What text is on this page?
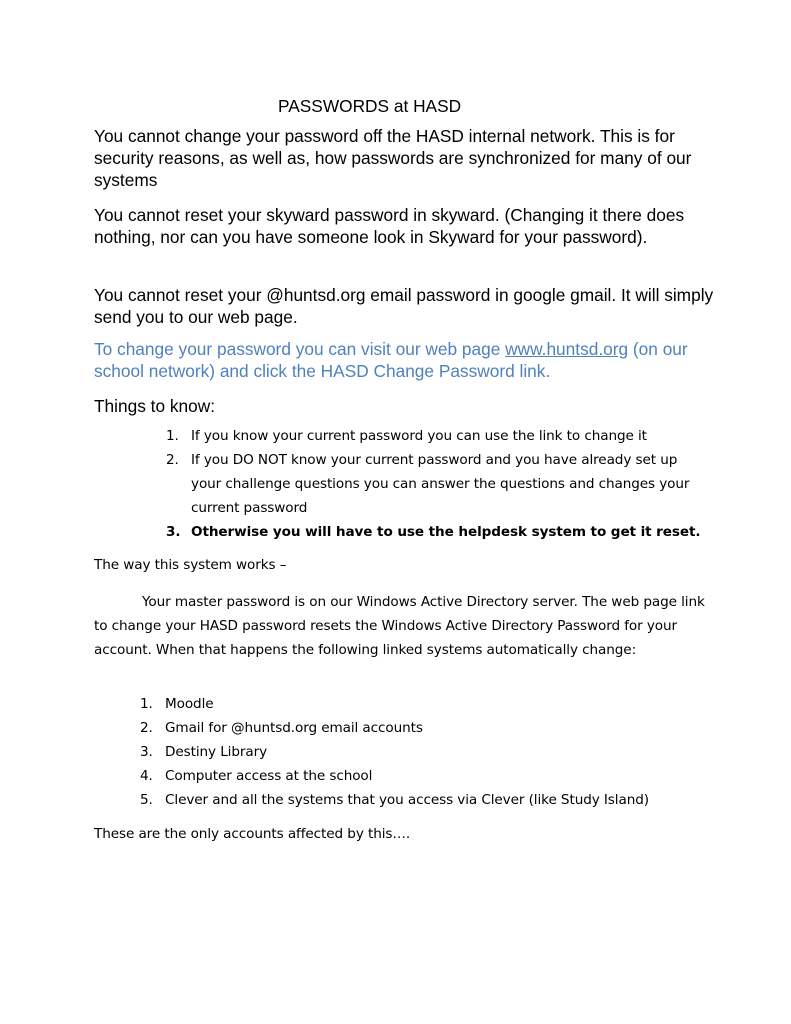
PASSWORDS at HASD

You cannot change your password off the HASD internal network. This is for security reasons, as well as, how passwords are synchronized for many of our systems

You cannot reset your skyward password in skyward. (Changing it there does nothing, nor can you have someone look in Skyward for your password).

You cannot reset your @huntsd.org email password in google gmail. It will simply send you to our web page.

To change your password you can visit our web page www.huntsd.org (on our school network) and click the HASD Change Password link.

Things to know:

1. If you know your current password you can use the link to change it
2. If you DO NOT know your current password and you have already set up your challenge questions you can answer the questions and changes your current password
3. Otherwise you will have to use the helpdesk system to get it reset.

The way this system works –

Your master password is on our Windows Active Directory server. The web page link to change your HASD password resets the Windows Active Directory Password for your account. When that happens the following linked systems automatically change:

1. Moodle
2. Gmail for @huntsd.org email accounts
3. Destiny Library
4. Computer access at the school
5. Clever and all the systems that you access via Clever (like Study Island)

These are the only accounts affected by this….
